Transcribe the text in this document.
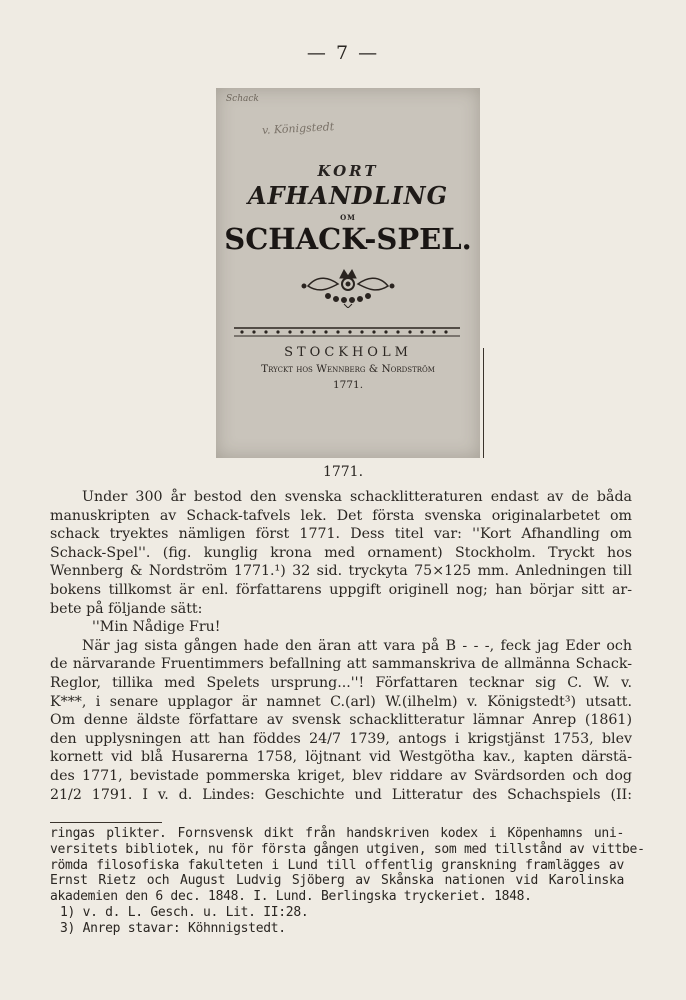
— 7 —
Schack
v. Königstedt
KORT
AFHANDLING
OM
SCHACK-SPEL.
STOCKHOLM
Tryckt hos Wennberg & Nordström
1771.
1771.
Under 300 år bestod den svenska schacklitteraturen endast av de båda
manuskripten av Schack-tafvels lek. Det första svenska originalarbetet om
schack tryektes nämligen först 1771. Dess titel var: ''Kort Afhandling om
Schack-Spel''. (fig. kunglig krona med ornament) Stockholm. Tryckt hos
Wennberg & Nordström 1771.¹) 32 sid. tryckyta 75×125 mm. Anledningen till
bokens tillkomst är enl. författarens uppgift originell nog; han börjar sitt ar-
bete på följande sätt:
''Min Nådige Fru!
När jag sista gången hade den äran att vara på B - - -, feck jag Eder och
de närvarande Fruentimmers befallning att sammanskriva de allmänna Schack-
Reglor, tillika med Spelets ursprung...''! Författaren tecknar sig C. W. v.
K***, i senare upplagor är namnet C.(arl) W.(ilhelm) v. Königstedt³) utsatt.
Om denne äldste författare av svensk schacklitteratur lämnar Anrep (1861)
den upplysningen att han föddes 24/7 1739, antogs i krigstjänst 1753, blev
kornett vid blå Husarerna 1758, löjtnant vid Westgötha kav., kapten därstä-
des 1771, bevistade pommerska kriget, blev riddare av Svärdsorden och dog
21/2 1791. I v. d. Lindes: Geschichte und Litteratur des Schachspiels (II:
ringas plikter. Fornsvensk dikt från handskriven kodex i Köpenhamns uni-
versitets bibliotek, nu för första gången utgiven, som med tillstånd av vittbe-
römda filosofiska fakulteten i Lund till offentlig granskning framlägges av
Ernst Rietz och August Ludvig Sjöberg av Skånska nationen vid Karolinska
akademien den 6 dec. 1848. I. Lund. Berlingska tryckeriet. 1848.
1) v. d. L. Gesch. u. Lit. II:28.
3) Anrep stavar: Köhnnigstedt.
